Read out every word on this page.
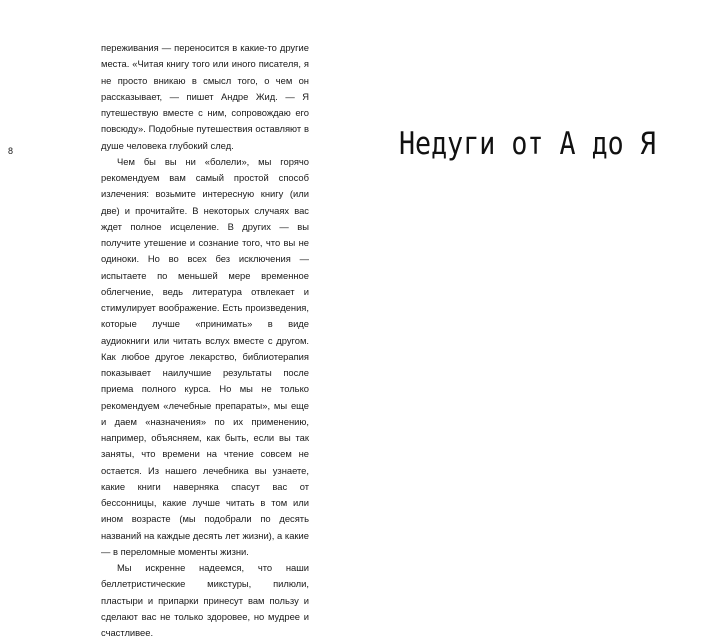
8

переживания — переносится в какие-то другие места. «Читая книгу того или иного писателя, я не просто вникаю в смысл того, о чем он рассказывает, — пишет Андре Жид. — Я путешествую вместе с ним, сопровождаю его повсюду». Подобные путешествия оставляют в душе человека глубокий след.

Чем бы вы ни «болели», мы горячо рекомендуем вам самый простой способ излечения: возьмите интересную книгу (или две) и прочитайте. В некоторых случаях вас ждет полное исцеление. В других — вы получите утешение и сознание того, что вы не одиноки. Но во всех без исключения — испытаете по меньшей мере временное облегчение, ведь литература отвлекает и стимулирует воображение. Есть произведения, которые лучше «принимать» в виде аудиокниги или читать вслух вместе с другом. Как любое другое лекарство, библиотерапия показывает наилучшие результаты после приема полного курса. Но мы не только рекомендуем «лечебные препараты», мы еще и даем «назначения» по их применению, например, объясняем, как быть, если вы так заняты, что времени на чтение совсем не остается. Из нашего лечебника вы узнаете, какие книги наверняка спасут вас от бессонницы, какие лучше читать в том или ином возрасте (мы подобрали по десять названий на каждые десять лет жизни), а какие — в переломные моменты жизни.

Мы искренне надеемся, что наши беллетристические микстуры, пилюли, пластыри и припарки принесут вам пользу и сделают вас не только здоровее, но мудрее и счастливее.

Недуги от А до Я
